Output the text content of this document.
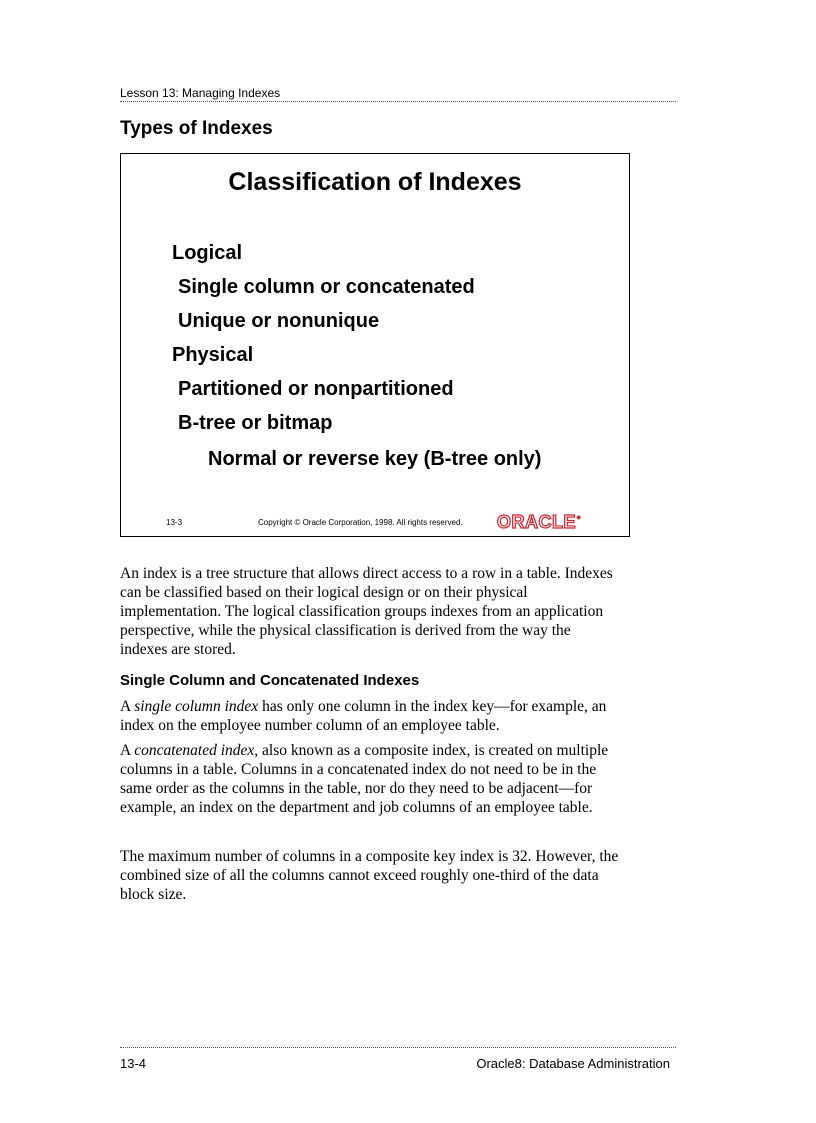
Lesson 13: Managing Indexes
Types of Indexes
Classification of Indexes
Logical
Single column or concatenated
Unique or nonunique
Physical
Partitioned or nonpartitioned
B-tree or bitmap
Normal or reverse key (B-tree only)
13-3	Copyright © Oracle Corporation, 1998. All rights reserved. ORACLE●
An index is a tree structure that allows direct access to a row in a table. Indexes can be classified based on their logical design or on their physical implementation. The logical classification groups indexes from an application perspective, while the physical classification is derived from the way the indexes are stored.
Single Column and Concatenated Indexes
A single column index has only one column in the index key—for example, an index on the employee number column of an employee table.
A concatenated index, also known as a composite index, is created on multiple columns in a table. Columns in a concatenated index do not need to be in the same order as the columns in the table, nor do they need to be adjacent—for example, an index on the department and job columns of an employee table.
The maximum number of columns in a composite key index is 32. However, the combined size of all the columns cannot exceed roughly one-third of the data block size.
13-4	Oracle8: Database Administration
